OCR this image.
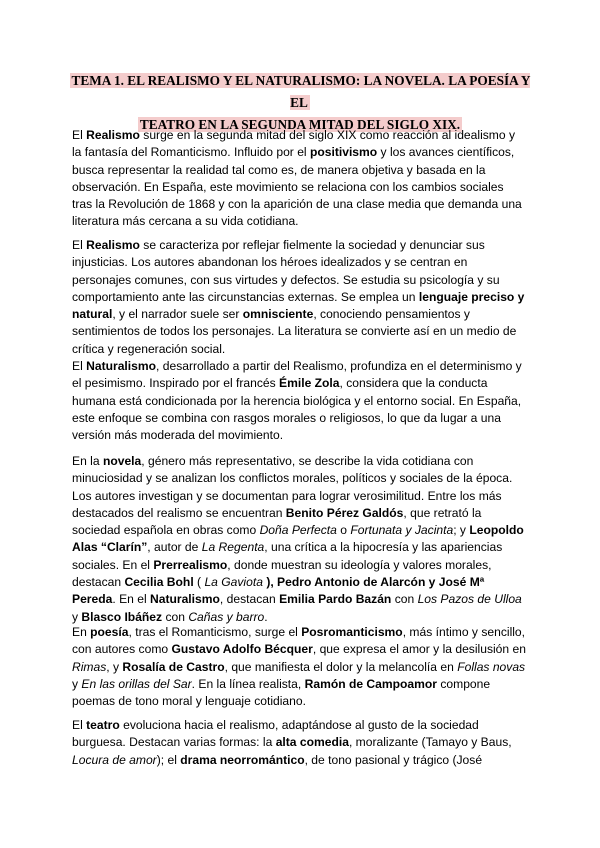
TEMA 1. EL REALISMO Y EL NATURALISMO: LA NOVELA. LA POESÍA Y EL
TEATRO EN LA SEGUNDA MITAD DEL SIGLO XIX.

El Realismo surge en la segunda mitad del siglo XIX como reacción al idealismo y
la fantasía del Romanticismo. Influido por el positivismo y los avances científicos,
busca representar la realidad tal como es, de manera objetiva y basada en la
observación. En España, este movimiento se relaciona con los cambios sociales
tras la Revolución de 1868 y con la aparición de una clase media que demanda una
literatura más cercana a su vida cotidiana.

El Realismo se caracteriza por reflejar fielmente la sociedad y denunciar sus
injusticias. Los autores abandonan los héroes idealizados y se centran en
personajes comunes, con sus virtudes y defectos. Se estudia su psicología y su
comportamiento ante las circunstancias externas. Se emplea un lenguaje preciso y
natural, y el narrador suele ser omnisciente, conociendo pensamientos y
sentimientos de todos los personajes. La literatura se convierte así en un medio de
crítica y regeneración social.

El Naturalismo, desarrollado a partir del Realismo, profundiza en el determinismo y
el pesimismo. Inspirado por el francés Émile Zola, considera que la conducta
humana está condicionada por la herencia biológica y el entorno social. En España,
este enfoque se combina con rasgos morales o religiosos, lo que da lugar a una
versión más moderada del movimiento.

En la novela, género más representativo, se describe la vida cotidiana con
minuciosidad y se analizan los conflictos morales, políticos y sociales de la época.
Los autores investigan y se documentan para lograr verosimilitud. Entre los más
destacados del realismo se encuentran Benito Pérez Galdós, que retrató la
sociedad española en obras como Doña Perfecta o Fortunata y Jacinta; y Leopoldo
Alas “Clarín”, autor de La Regenta, una crítica a la hipocresía y las apariencias
sociales. En el Prerrealismo, donde muestran su ideología y valores morales,
destacan Cecilia Bohl ( La Gaviota ), Pedro Antonio de Alarcón y José Mª
Pereda. En el Naturalismo, destacan Emilia Pardo Bazán con Los Pazos de Ulloa
y Blasco Ibáñez con Cañas y barro.

En poesía, tras el Romanticismo, surge el Posromanticismo, más íntimo y sencillo,
con autores como Gustavo Adolfo Bécquer, que expresa el amor y la desilusión en
Rimas, y Rosalía de Castro, que manifiesta el dolor y la melancolía en Follas novas
y En las orillas del Sar. En la línea realista, Ramón de Campoamor compone
poemas de tono moral y lenguaje cotidiano.

El teatro evoluciona hacia el realismo, adaptándose al gusto de la sociedad
burguesa. Destacan varias formas: la alta comedia, moralizante (Tamayo y Baus,
Locura de amor); el drama neorromántico, de tono pasional y trágico (José
